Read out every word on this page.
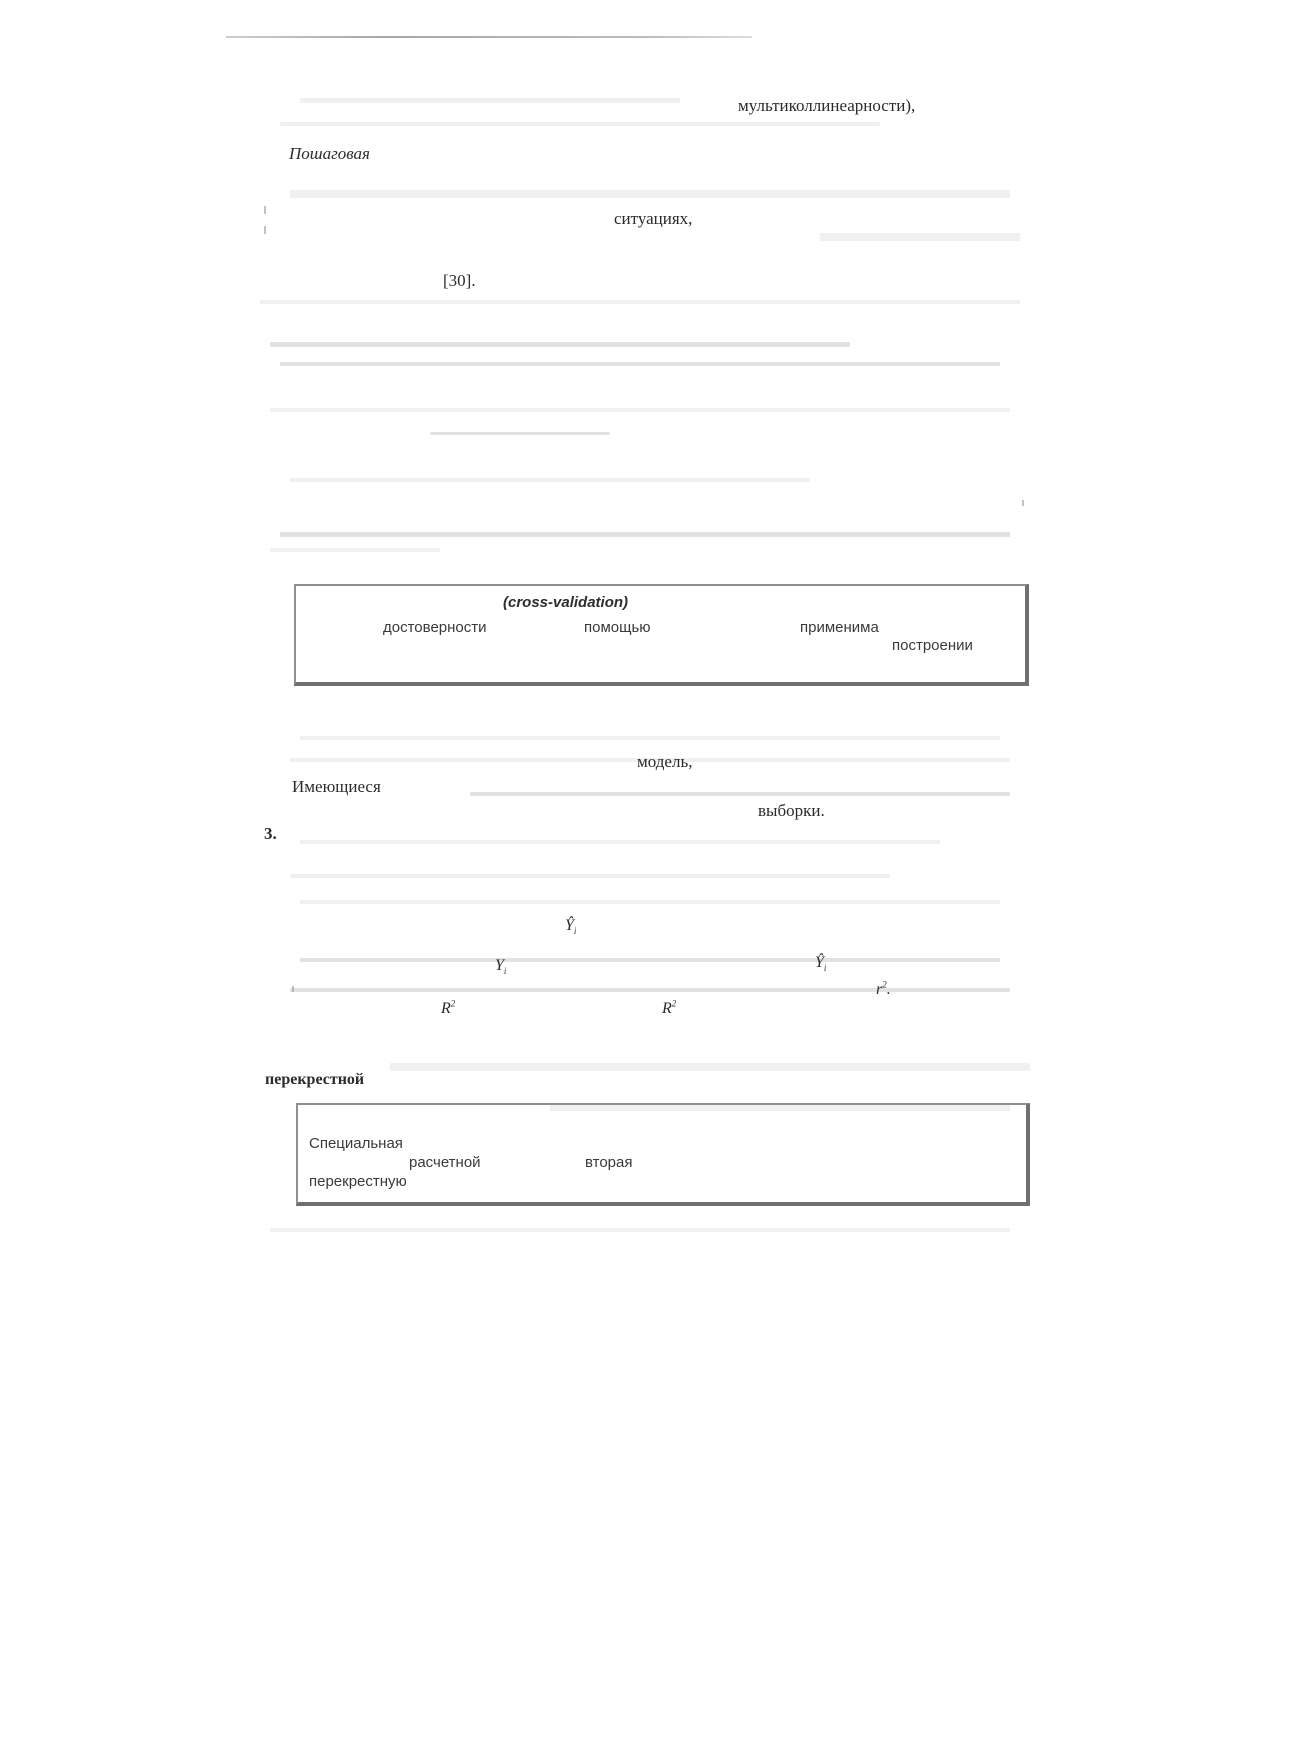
мультиколлинеарности),
Пошаговая
ситуациях,
[30].
(cross-validation)
достоверности	помощью	применима
построении
модель,
Имеющиеся
выборки.
3.
$Ŷ_i$
$Y_i$
$Ŷ_i$
$r^2$.
$R^2$	$R^2$
перекрестной
Специальная
расчетной	вторая
перекрестную
